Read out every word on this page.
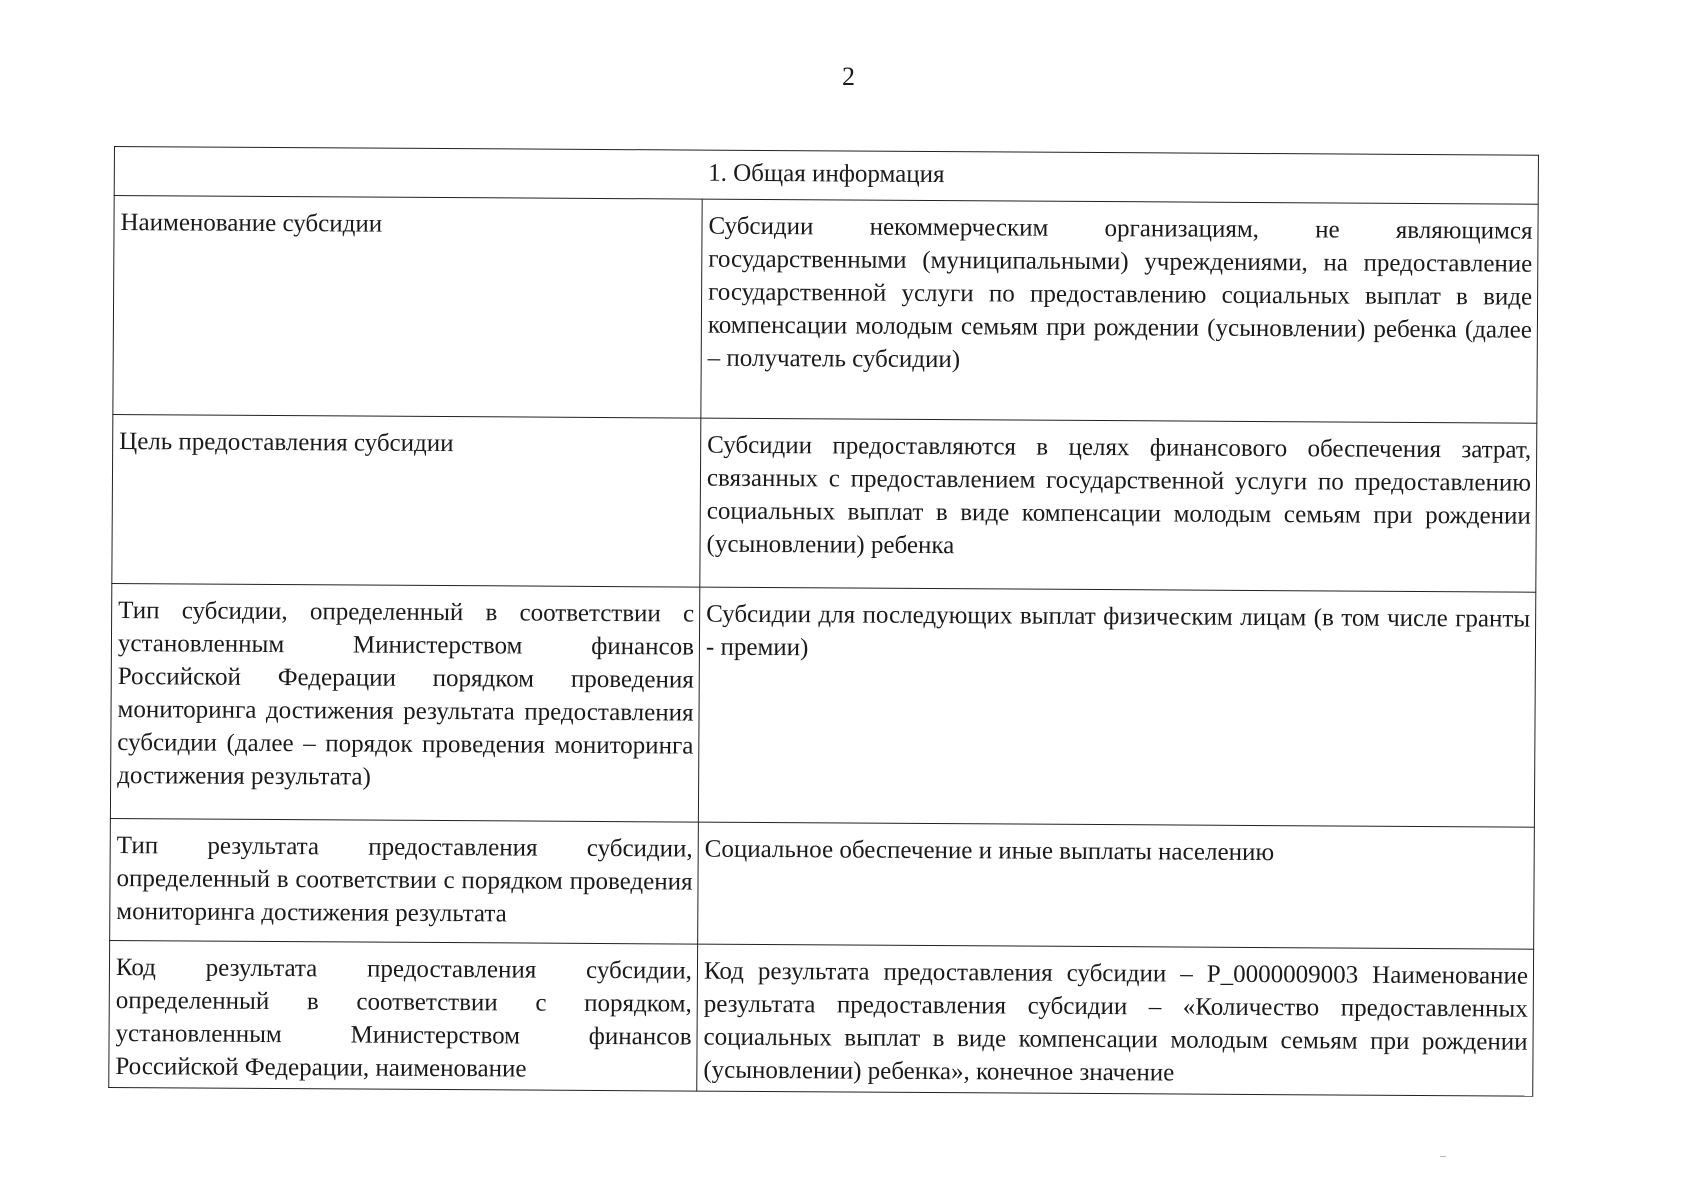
2
1. Общая информация	
Наименование субсидии	Субсидии некоммерческим организациям, не являющимся государственными (муниципальными) учреждениями, на предоставление государственной услуги по предоставлению социальных выплат в виде компенсации молодым семьям при рождении (усыновлении) ребенка (далее – получатель субсидии)
Цель предоставления субсидии	Субсидии предоставляются в целях финансового обеспечения затрат, связанных с предоставлением государственной услуги по предоставлению социальных выплат в виде компенсации молодым семьям при рождении (усыновлении) ребенка
Тип субсидии, определенный в соответствии с установленным Министерством финансов Российской Федерации порядком проведения мониторинга достижения результата предоставления субсидии (далее – порядок проведения мониторинга достижения результата)	Субсидии для последующих выплат физическим лицам (в том числе гранты - премии)
Тип результата предоставления субсидии, определенный в соответствии с порядком проведения мониторинга достижения результата	Социальное обеспечение и иные выплаты населению
Код результата предоставления субсидии, определенный в соответствии с порядком, установленным Министерством финансов Российской Федерации, наименование	Код результата предоставления субсидии – P_0000009003 Наименование результата предоставления субсидии – «Количество предоставленных социальных выплат в виде компенсации молодым семьям при рождении (усыновлении) ребенка», конечное значение
